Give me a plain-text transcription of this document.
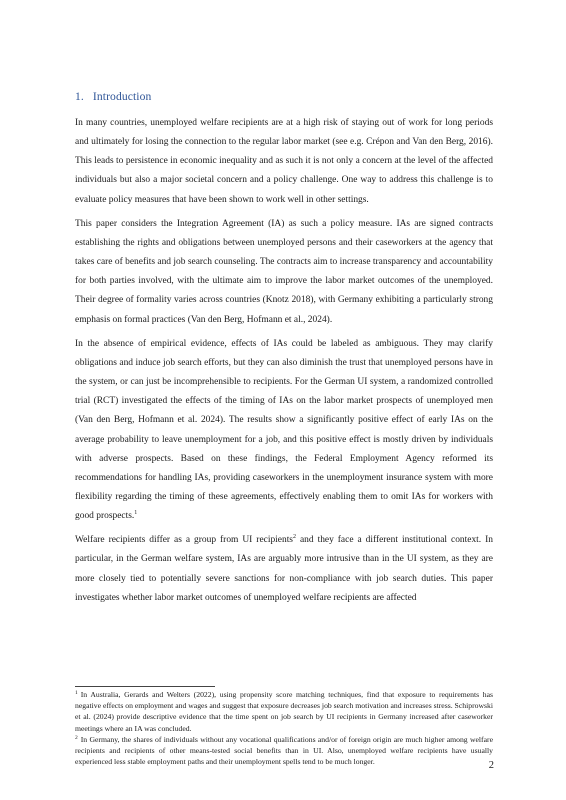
1. Introduction

In many countries, unemployed welfare recipients are at a high risk of staying out of work for long periods and ultimately for losing the connection to the regular labor market (see e.g. Crépon and Van den Berg, 2016). This leads to persistence in economic inequality and as such it is not only a concern at the level of the affected individuals but also a major societal concern and a policy challenge. One way to address this challenge is to evaluate policy measures that have been shown to work well in other settings.

This paper considers the Integration Agreement (IA) as such a policy measure. IAs are signed contracts establishing the rights and obligations between unemployed persons and their caseworkers at the agency that takes care of benefits and job search counseling. The contracts aim to increase transparency and accountability for both parties involved, with the ultimate aim to improve the labor market outcomes of the unemployed. Their degree of formality varies across countries (Knotz 2018), with Germany exhibiting a particularly strong emphasis on formal practices (Van den Berg, Hofmann et al., 2024).

In the absence of empirical evidence, effects of IAs could be labeled as ambiguous. They may clarify obligations and induce job search efforts, but they can also diminish the trust that unemployed persons have in the system, or can just be incomprehensible to recipients. For the German UI system, a randomized controlled trial (RCT) investigated the effects of the timing of IAs on the labor market prospects of unemployed men (Van den Berg, Hofmann et al. 2024). The results show a significantly positive effect of early IAs on the average probability to leave unemployment for a job, and this positive effect is mostly driven by individuals with adverse prospects. Based on these findings, the Federal Employment Agency reformed its recommendations for handling IAs, providing caseworkers in the unemployment insurance system with more flexibility regarding the timing of these agreements, effectively enabling them to omit IAs for workers with good prospects.$^1$

Welfare recipients differ as a group from UI recipients$^2$ and they face a different institutional context. In particular, in the German welfare system, IAs are arguably more intrusive than in the UI system, as they are more closely tied to potentially severe sanctions for non-compliance with job search duties. This paper investigates whether labor market outcomes of unemployed welfare recipients are affected

$^1$ In Australia, Gerards and Welters (2022), using propensity score matching techniques, find that exposure to requirements has negative effects on employment and wages and suggest that exposure decreases job search motivation and increases stress. Schiprowski et al. (2024) provide descriptive evidence that the time spent on job search by UI recipients in Germany increased after caseworker meetings where an IA was concluded.

$^2$ In Germany, the shares of individuals without any vocational qualifications and/or of foreign origin are much higher among welfare recipients and recipients of other means-tested social benefits than in UI. Also, unemployed welfare recipients have usually experienced less stable employment paths and their unemployment spells tend to be much longer.	2
